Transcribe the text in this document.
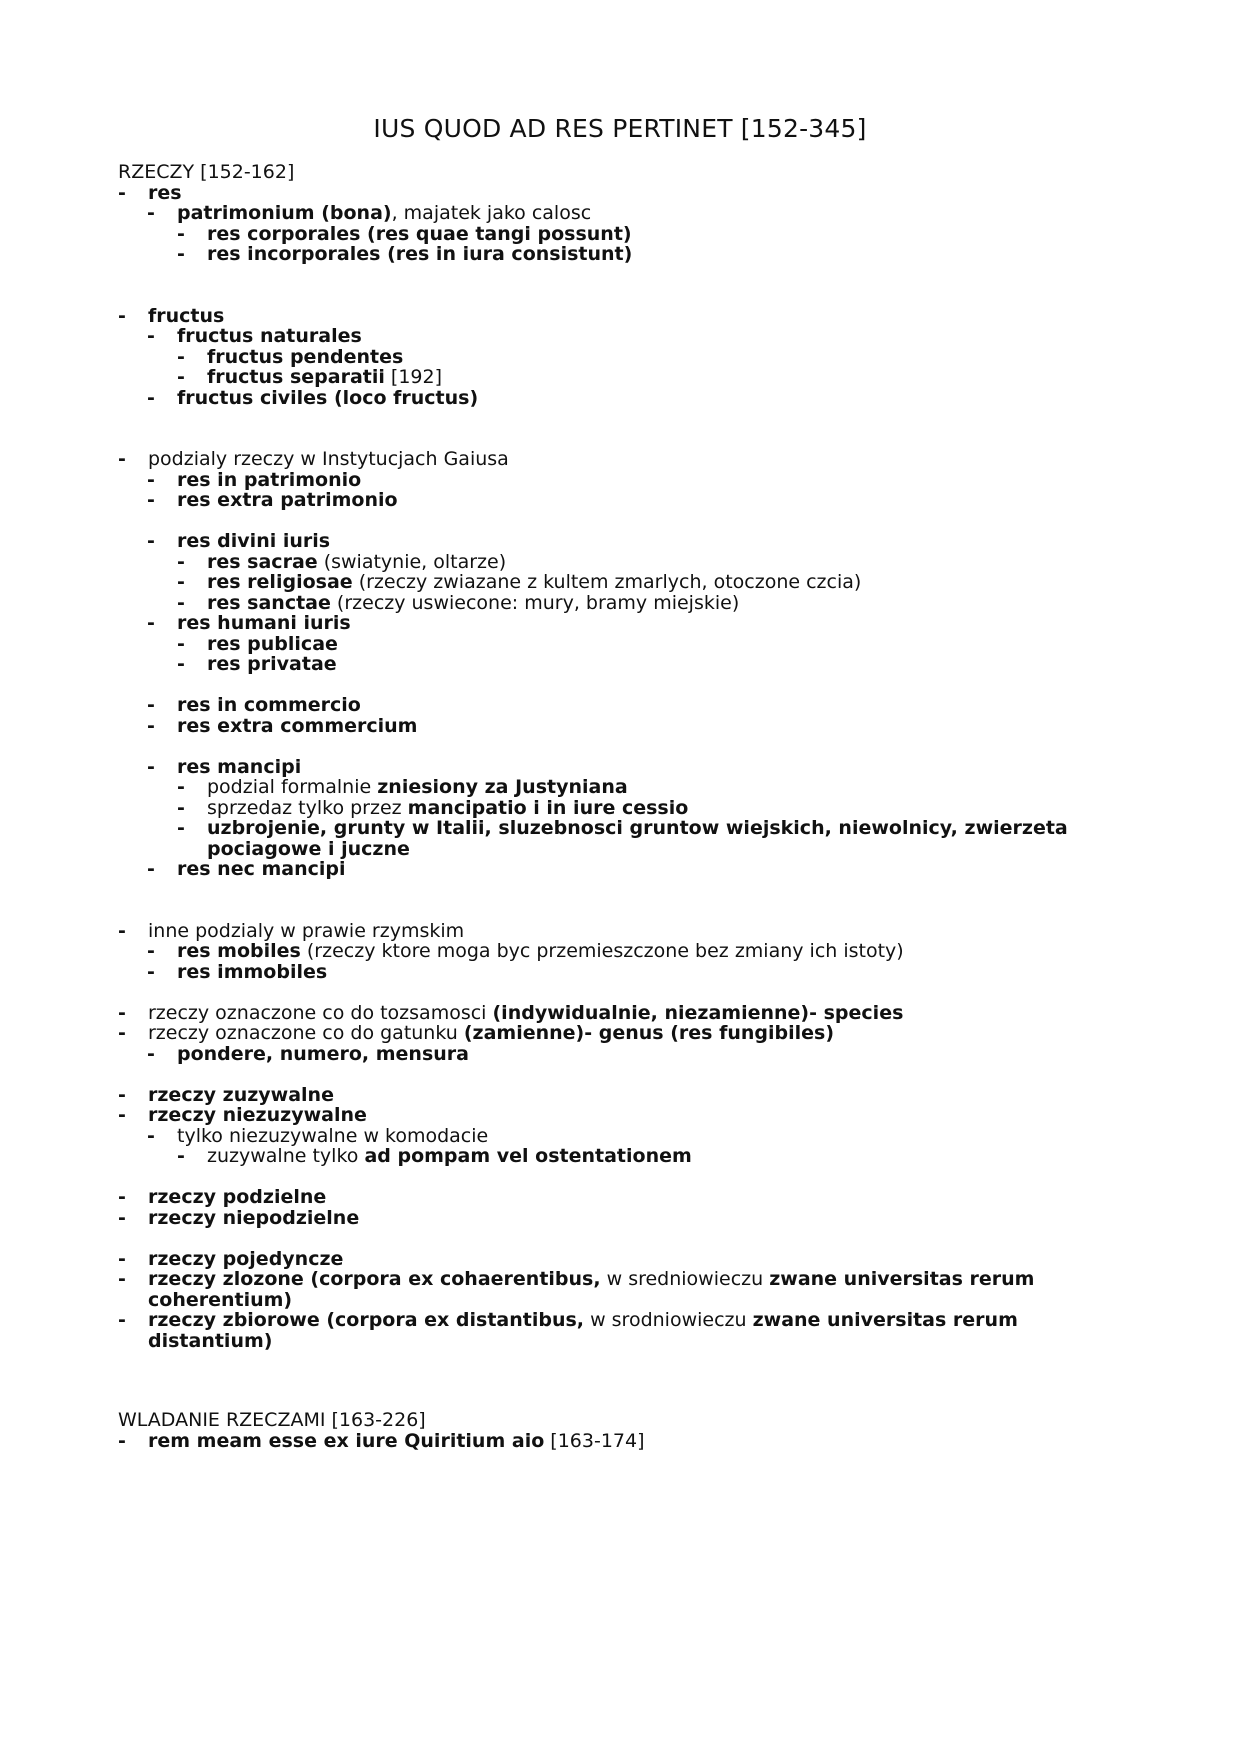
IUS QUOD AD RES PERTINET [152-345]
RZECZY [152-162]
- res
- patrimonium (bona), majatek jako calosc
- res corporales (res quae tangi possunt)
- res incorporales (res in iura consistunt)
- fructus
- fructus naturales
- fructus pendentes
- fructus separatii [192]
- fructus civiles (loco fructus)
- podzialy rzeczy w Instytucjach Gaiusa
- res in patrimonio
- res extra patrimonio
- res divini iuris
- res sacrae (swiatynie, oltarze)
- res religiosae (rzeczy zwiazane z kultem zmarlych, otoczone czcia)
- res sanctae (rzeczy uswiecone: mury, bramy miejskie)
- res humani iuris
- res publicae
- res privatae
- res in commercio
- res extra commercium
- res mancipi
- podzial formalnie zniesiony za Justyniana
- sprzedaz tylko przez mancipatio i in iure cessio
- uzbrojenie, grunty w Italii, sluzebnosci gruntow wiejskich, niewolnicy, zwierzeta
pociagowe i juczne
- res nec mancipi
- inne podzialy w prawie rzymskim
- res mobiles (rzeczy ktore moga byc przemieszczone bez zmiany ich istoty)
- res immobiles
- rzeczy oznaczone co do tozsamosci (indywidualnie, niezamienne)- species
- rzeczy oznaczone co do gatunku (zamienne)- genus (res fungibiles)
- pondere, numero, mensura
- rzeczy zuzywalne
- rzeczy niezuzywalne
- tylko niezuzywalne w komodacie
- zuzywalne tylko ad pompam vel ostentationem
- rzeczy podzielne
- rzeczy niepodzielne
- rzeczy pojedyncze
- rzeczy zlozone (corpora ex cohaerentibus, w sredniowieczu zwane universitas rerum
coherentium)
- rzeczy zbiorowe (corpora ex distantibus, w srodniowieczu zwane universitas rerum
distantium)
WLADANIE RZECZAMI [163-226]
- rem meam esse ex iure Quiritium aio [163-174]
